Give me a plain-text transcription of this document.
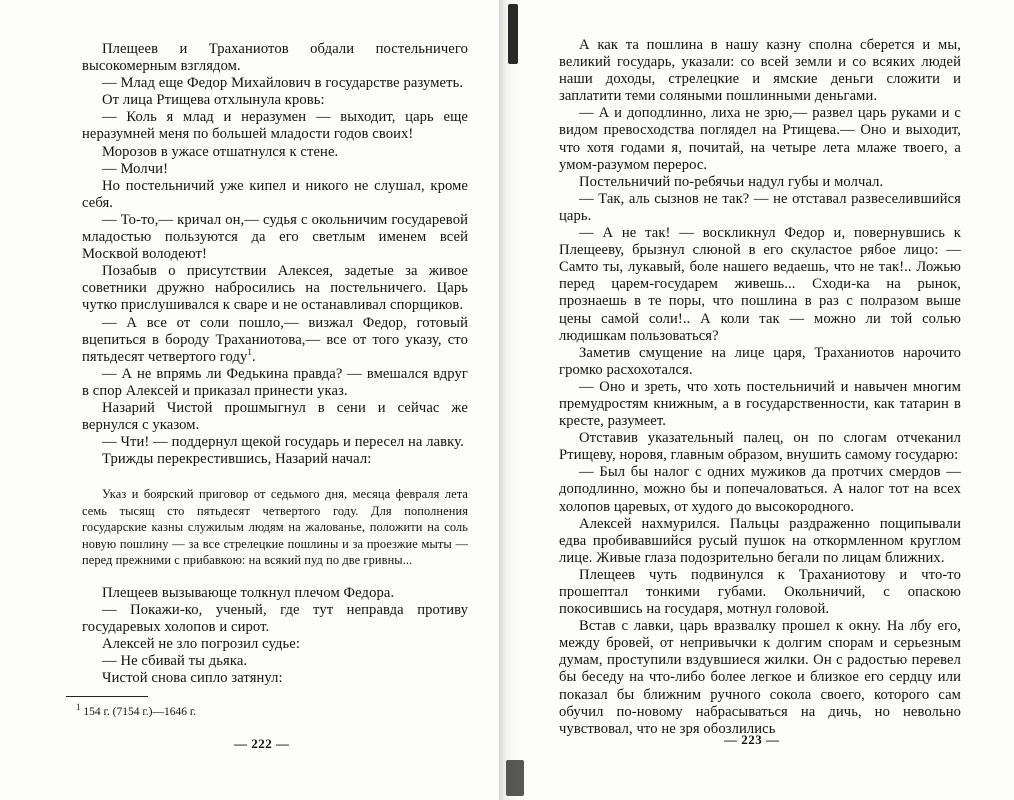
Плещеев и Траханиотов обдали постельничего высокомерным взглядом.

— Млад еще Федор Михайлович в государстве разуметь.

От лица Ртищева отхлынула кровь:

— Коль я млад и неразумен — выходит, царь еще неразумней меня по большей младости годов своих!

Морозов в ужасе отшатнулся к стене.

— Молчи!

Но постельничий уже кипел и никого не слушал, кроме себя.

— То-то,— кричал он,— судья с окольничим государевой младостью пользуются да его светлым именем всей Москвой володеют!

Позабыв о присутствии Алексея, задетые за живое советники дружно набросились на постельничего. Царь чутко прислушивался к сваре и не останавливал спорщиков.

— А все от соли пошло,— визжал Федор, готовый вцепиться в бороду Траханиотова,— все от того указу, сто пятьдесят четвертого году$^1$.

— А не впрямь ли Федькина правда? — вмешался вдруг в спор Алексей и приказал принести указ.

Назарий Чистой прошмыгнул в сени и сейчас же вернулся с указом.

— Чти! — поддернул щекой государь и пересел на лавку.

Трижды перекрестившись, Назарий начал:

Указ и боярский приговор от седьмого дня, месяца февраля лета семь тысящ сто пятьдесят четвертого году. Для пополнения государские казны служилым людям на жалованье, положити на соль новую пошлину — за все стрелецкие пошлины и за проезжие мыты — перед прежними с прибавкою: на всякий пуд по две гривны...

Плещеев вызывающе толкнул плечом Федора.

— Покажи-ко, ученый, где тут неправда противу государевых холопов и сирот.

Алексей не зло погрозил судье:

— Не сбивай ты дьяка.

Чистой снова сипло затянул:

$^1$ 154 г. (7154 г.)—1646 г.
— 222 —

А как та пошлина в нашу казну сполна сберется и мы, великий государь, указали: со всей земли и со всяких людей наши доходы, стрелецкие и ямские деньги сложити и заплатити теми соляными пошлинными деньгами.

— А и доподлинно, лиха не зрю,— развел царь руками и с видом превосходства поглядел на Ртищева.— Оно и выходит, что хотя годами я, почитай, на четыре лета млаже твоего, а умом-разумом перерос.

Постельничий по-ребячьи надул губы и молчал.

— Так, аль сызнов не так? — не отставал развеселившийся царь.

— А не так! — воскликнул Федор и, повернувшись к Плещееву, брызнул слюной в его скуластое рябое лицо: — Самто ты, лукавый, боле нашего ведаешь, что не так!.. Ложью перед царем-государем живешь... Сходи-ка на рынок, прознаешь в те поры, что пошлина в раз с полразом выше цены самой соли!.. А коли так — можно ли той солью людишкам пользоваться?

Заметив смущение на лице царя, Траханиотов нарочито громко расхохотался.

— Оно и зреть, что хоть постельничий и навычен многим премудростям книжным, а в государственности, как татарин в кресте, разумеет.

Отставив указательный палец, он по слогам отчеканил Ртищеву, норовя, главным образом, внушить самому государю:

— Был бы налог с одних мужиков да протчих смердов — доподлинно, можно бы и попечаловаться. А налог тот на всех холопов царевых, от худого до высокородного.

Алексей нахмурился. Пальцы раздраженно пощипывали едва пробивавшийся русый пушок на откормленном круглом лице. Живые глаза подозрительно бегали по лицам ближних.

Плещеев чуть подвинулся к Траханиотову и что-то прошептал тонкими губами. Окольничий, с опаскою покосившись на государя, мотнул головой.

Встав с лавки, царь вразвалку прошел к окну. На лбу его, между бровей, от непривычки к долгим спорам и серьезным думам, проступили вздувшиеся жилки. Он с радостью перевел бы беседу на что-либо более легкое и близкое его сердцу или показал бы ближним ручного сокола своего, которого сам обучил по-новому набрасываться на дичь, но невольно чувствовал, что не зря обозлились

— 223 —
